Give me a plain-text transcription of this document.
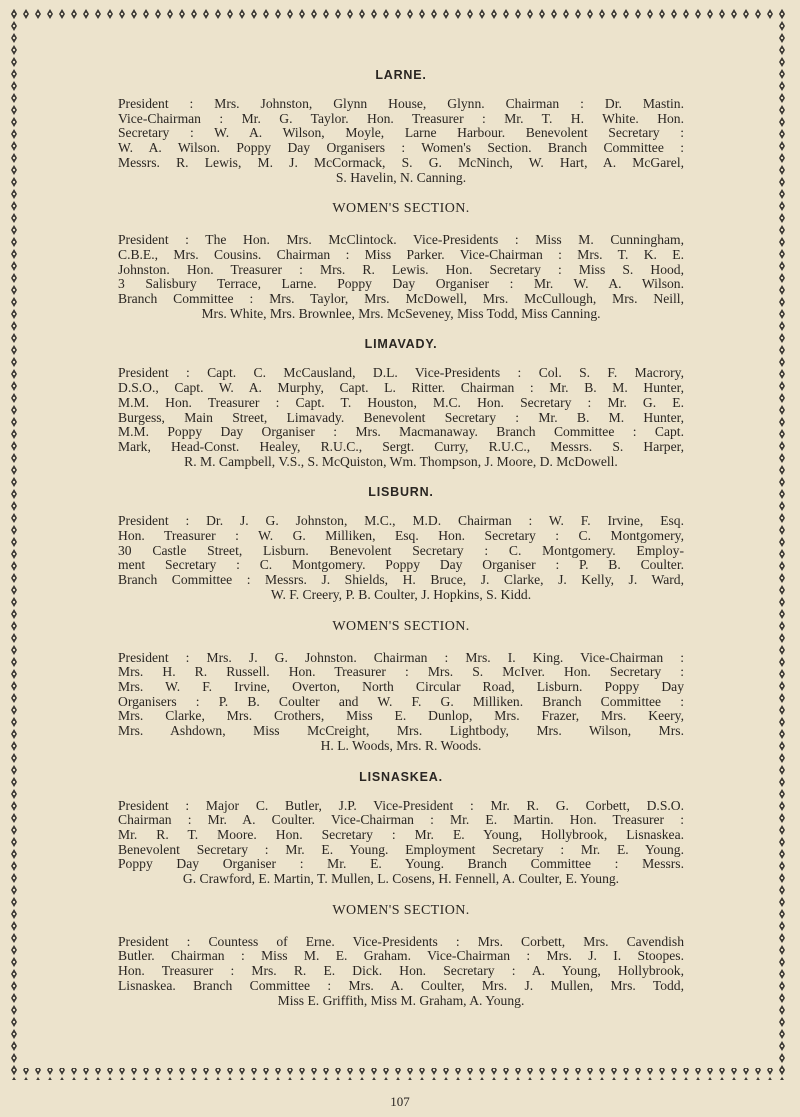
LARNE.
President : Mrs. Johnston, Glynn House, Glynn. Chairman : Dr. Mastin.
Vice-Chairman : Mr. G. Taylor. Hon. Treasurer : Mr. T. H. White. Hon.
Secretary : W. A. Wilson, Moyle, Larne Harbour. Benevolent Secretary :
W. A. Wilson. Poppy Day Organisers : Women's Section. Branch Committee :
Messrs. R. Lewis, M. J. McCormack, S. G. McNinch, W. Hart, A. McGarel,
S. Havelin, N. Canning.
WOMEN'S SECTION.
President : The Hon. Mrs. McClintock. Vice-Presidents : Miss M. Cunningham,
C.B.E., Mrs. Cousins. Chairman : Miss Parker. Vice-Chairman : Mrs. T. K. E.
Johnston. Hon. Treasurer : Mrs. R. Lewis. Hon. Secretary : Miss S. Hood,
3 Salisbury Terrace, Larne. Poppy Day Organiser : Mr. W. A. Wilson.
Branch Committee : Mrs. Taylor, Mrs. McDowell, Mrs. McCullough, Mrs. Neill,
Mrs. White, Mrs. Brownlee, Mrs. McSeveney, Miss Todd, Miss Canning.
LIMAVADY.
President : Capt. C. McCausland, D.L. Vice-Presidents : Col. S. F. Macrory,
D.S.O., Capt. W. A. Murphy, Capt. L. Ritter. Chairman : Mr. B. M. Hunter,
M.M. Hon. Treasurer : Capt. T. Houston, M.C. Hon. Secretary : Mr. G. E.
Burgess, Main Street, Limavady. Benevolent Secretary : Mr. B. M. Hunter,
M.M. Poppy Day Organiser : Mrs. Macmanaway. Branch Committee : Capt.
Mark, Head-Const. Healey, R.U.C., Sergt. Curry, R.U.C., Messrs. S. Harper,
R. M. Campbell, V.S., S. McQuiston, Wm. Thompson, J. Moore, D. McDowell.
LISBURN.
President : Dr. J. G. Johnston, M.C., M.D. Chairman : W. F. Irvine, Esq.
Hon. Treasurer : W. G. Milliken, Esq. Hon. Secretary : C. Montgomery,
30 Castle Street, Lisburn. Benevolent Secretary : C. Montgomery. Employ-
ment Secretary : C. Montgomery. Poppy Day Organiser : P. B. Coulter.
Branch Committee : Messrs. J. Shields, H. Bruce, J. Clarke, J. Kelly, J. Ward,
W. F. Creery, P. B. Coulter, J. Hopkins, S. Kidd.
WOMEN'S SECTION.
President : Mrs. J. G. Johnston. Chairman : Mrs. I. King. Vice-Chairman :
Mrs. H. R. Russell. Hon. Treasurer : Mrs. S. McIver. Hon. Secretary :
Mrs. W. F. Irvine, Overton, North Circular Road, Lisburn. Poppy Day
Organisers : P. B. Coulter and W. F. G. Milliken. Branch Committee :
Mrs. Clarke, Mrs. Crothers, Miss E. Dunlop, Mrs. Frazer, Mrs. Keery,
Mrs. Ashdown, Miss McCreight, Mrs. Lightbody, Mrs. Wilson, Mrs.
H. L. Woods, Mrs. R. Woods.
LISNASKEA.
President : Major C. Butler, J.P. Vice-President : Mr. R. G. Corbett, D.S.O.
Chairman : Mr. A. Coulter. Vice-Chairman : Mr. E. Martin. Hon. Treasurer :
Mr. R. T. Moore. Hon. Secretary : Mr. E. Young, Hollybrook, Lisnaskea.
Benevolent Secretary : Mr. E. Young. Employment Secretary : Mr. E. Young.
Poppy Day Organiser : Mr. E. Young. Branch Committee : Messrs.
G. Crawford, E. Martin, T. Mullen, L. Cosens, H. Fennell, A. Coulter, E. Young.
WOMEN'S SECTION.
President : Countess of Erne. Vice-Presidents : Mrs. Corbett, Mrs. Cavendish
Butler. Chairman : Miss M. E. Graham. Vice-Chairman : Mrs. J. I. Stoopes.
Hon. Treasurer : Mrs. R. E. Dick. Hon. Secretary : A. Young, Hollybrook,
Lisnaskea. Branch Committee : Mrs. A. Coulter, Mrs. J. Mullen, Mrs. Todd,
Miss E. Griffith, Miss M. Graham, A. Young.
107
